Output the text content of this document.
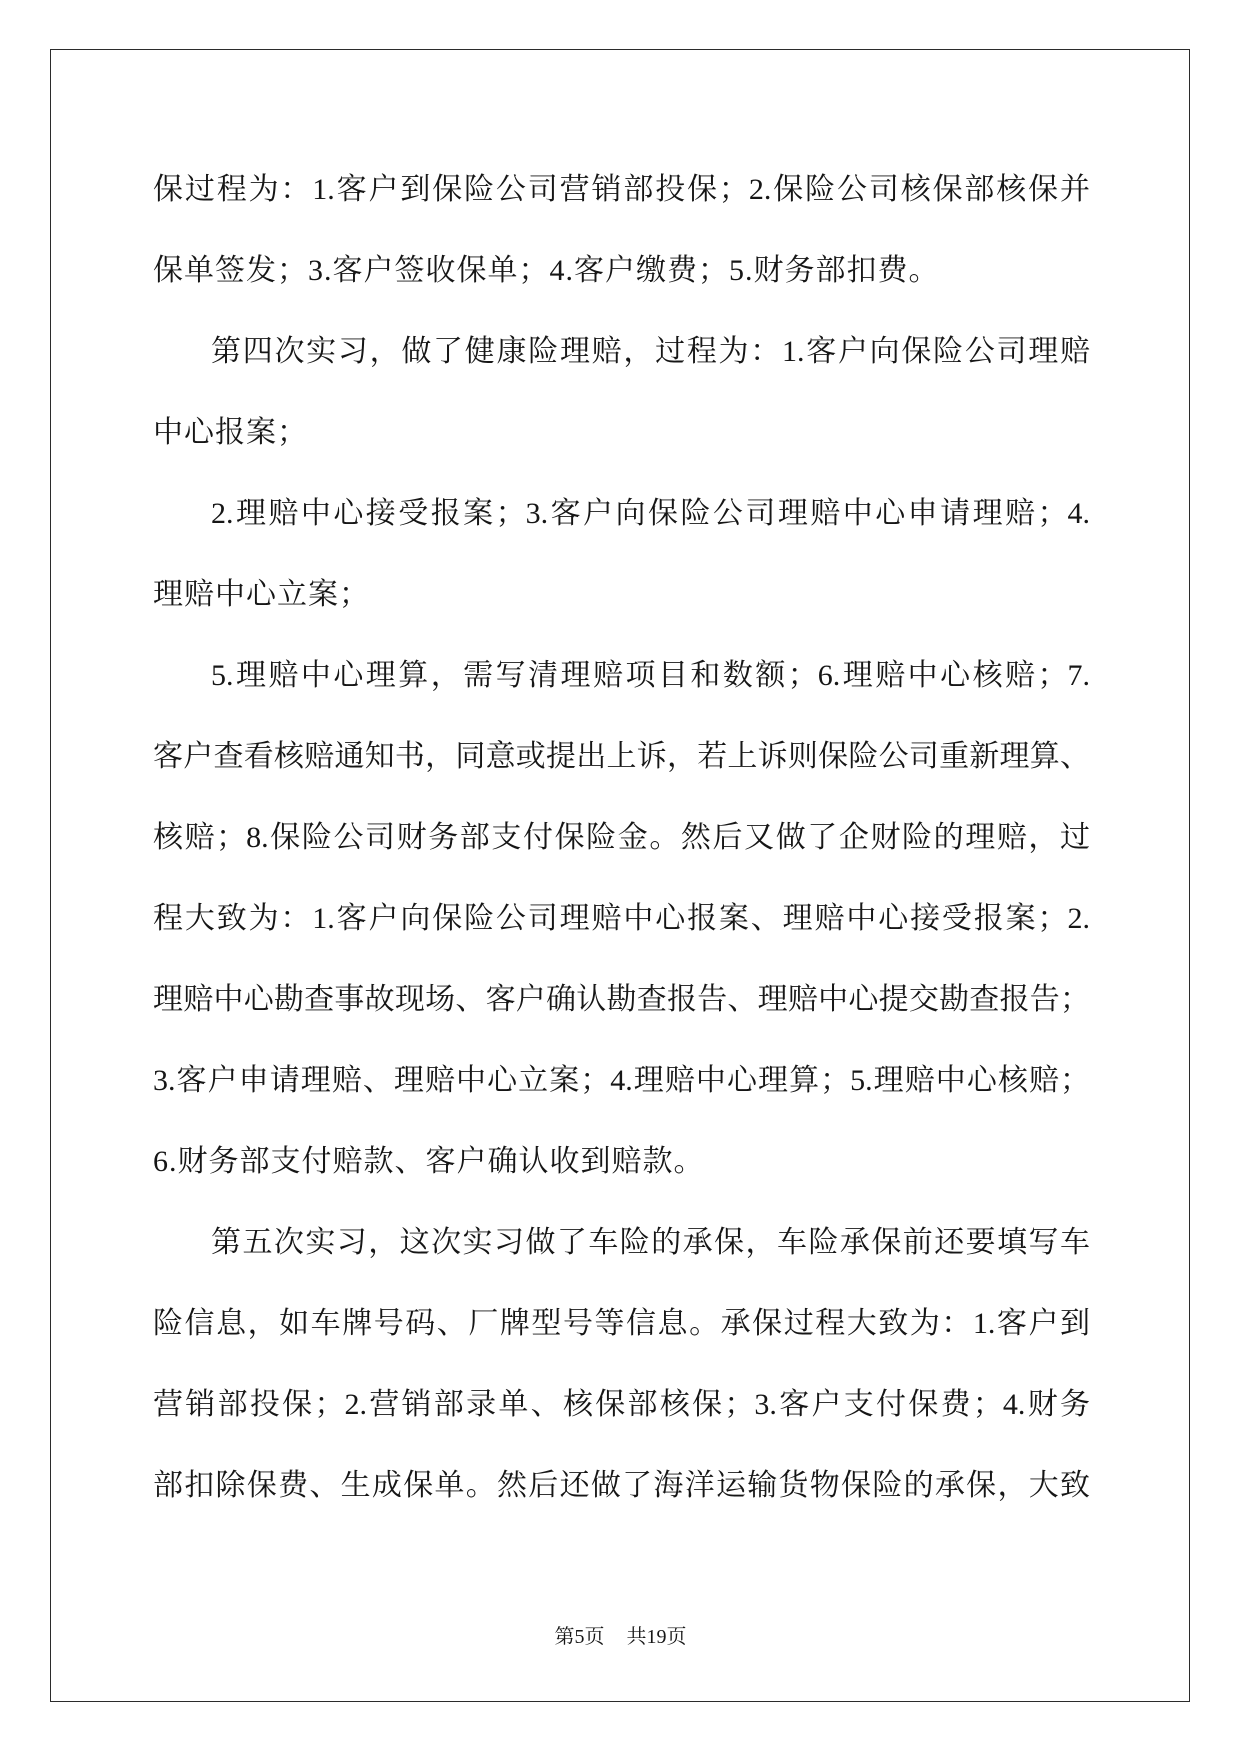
保过程为：1.客户到保险公司营销部投保；2.保险公司核保部核保并
保单签发；3.客户签收保单；4.客户缴费；5.财务部扣费。
第四次实习，做了健康险理赔，过程为：1.客户向保险公司理赔
中心报案；
2.理赔中心接受报案；3.客户向保险公司理赔中心申请理赔；4.
理赔中心立案；
5.理赔中心理算，需写清理赔项目和数额；6.理赔中心核赔；7.
客户查看核赔通知书，同意或提出上诉，若上诉则保险公司重新理算、
核赔；8.保险公司财务部支付保险金。然后又做了企财险的理赔，过
程大致为：1.客户向保险公司理赔中心报案、理赔中心接受报案；2.
理赔中心勘查事故现场、客户确认勘查报告、理赔中心提交勘查报告；
3.客户申请理赔、理赔中心立案；4.理赔中心理算；5.理赔中心核赔；
6.财务部支付赔款、客户确认收到赔款。
第五次实习，这次实习做了车险的承保，车险承保前还要填写车
险信息，如车牌号码、厂牌型号等信息。承保过程大致为：1.客户到
营销部投保；2.营销部录单、核保部核保；3.客户支付保费；4.财务
部扣除保费、生成保单。然后还做了海洋运输货物保险的承保，大致
第5页 共19页
